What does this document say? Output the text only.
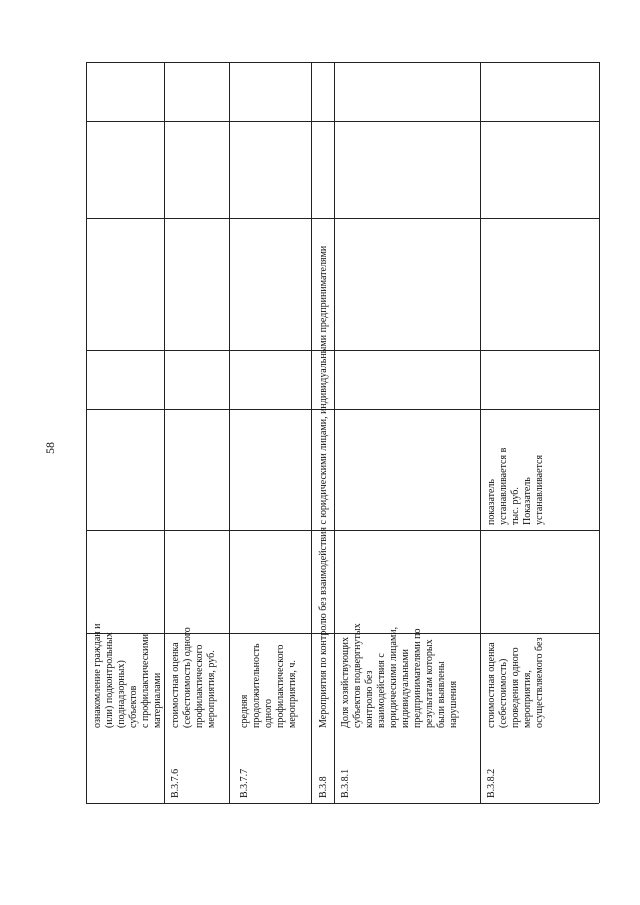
58
ознакомление граждан и
(или) подконтрольных
(поднадзорных) субъектов
с профилактическими
материалами
В.3.7.6
стоимостная оценка
(себестоимость) одного
профилактического
мероприятия, руб.
В.3.7.7
средняя
продолжительность
одного
профилактического
мероприятия, ч.
В.3.8
Мероприятия по контролю без взаимодействия с юридическими лицами, индивидуальными предпринимателями
В.3.8.1
Доля хозяйствующих
субъектов подвергнутых
контролю без
взаимодействия с
юридическими лицами,
индивидуальными
предпринимателями по
результатам которых
были выявлены
нарушения
В.3.8.2
стоимостная оценка
(себестоимость)
проведения одного
мероприятия,
осуществляемого без
показатель
устанавливается в
тыс. руб.
Показатель
устанавливается
